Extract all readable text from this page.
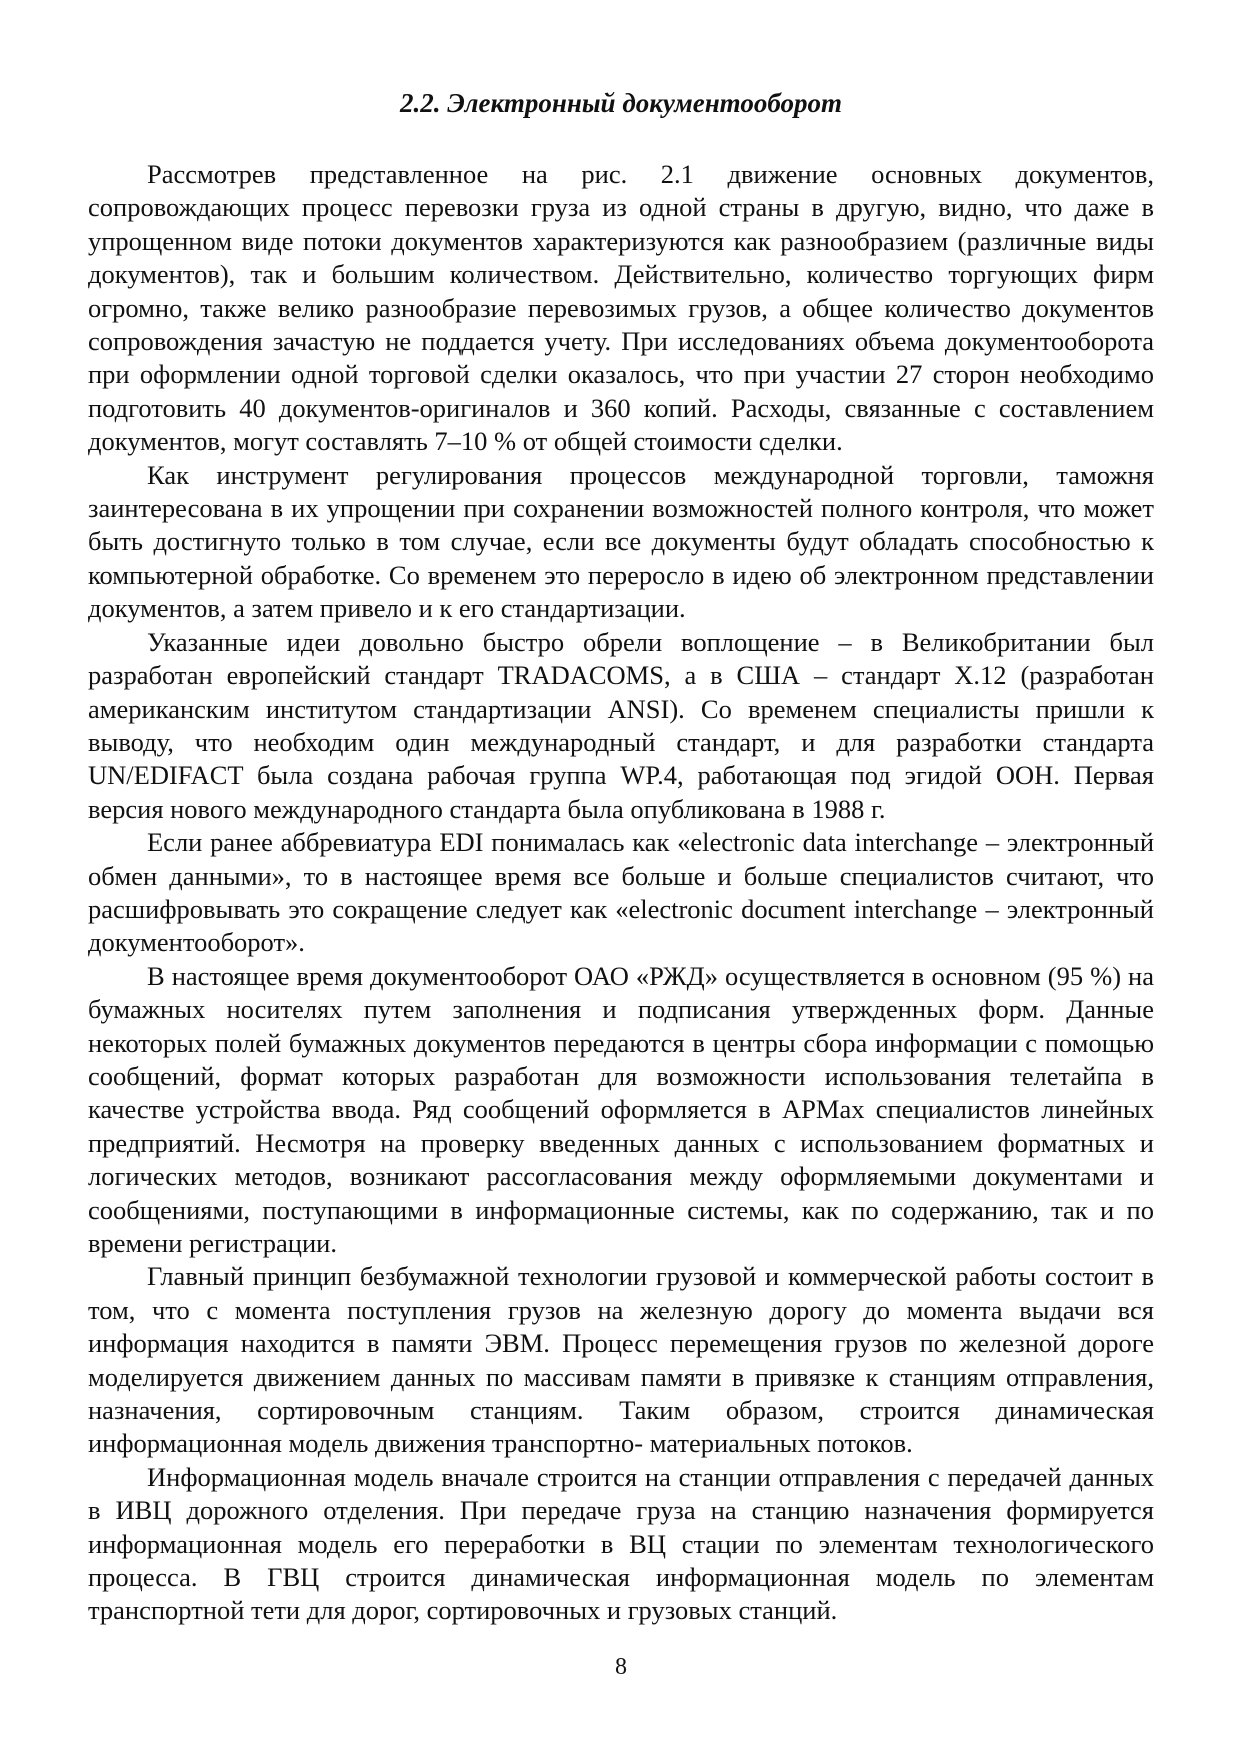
2.2. Электронный документооборот

Рассмотрев представленное на рис. 2.1 движение основных документов, сопровождающих процесс перевозки груза из одной страны в другую, видно, что даже в упрощенном виде потоки документов характеризуются как разнообразием (различные виды документов), так и большим количеством. Действительно, количество торгующих фирм огромно, также велико разнообразие перевозимых грузов, а общее количество документов сопровождения зачастую не поддается учету. При исследованиях объема документооборота при оформлении одной торговой сделки оказалось, что при участии 27 сторон необходимо подготовить 40 документов-оригиналов и 360 копий. Расходы, связанные с составлением документов, могут составлять 7–10 % от общей стоимости сделки.

Как инструмент регулирования процессов международной торговли, таможня заинтересована в их упрощении при сохранении возможностей полного контроля, что может быть достигнуто только в том случае, если все документы будут обладать способностью к компьютерной обработке. Со временем это переросло в идею об электронном представлении документов, а затем привело и к его стандартизации.

Указанные идеи довольно быстро обрели воплощение – в Великобритании был разработан европейский стандарт TRADACOMS, а в США – стандарт X.12 (разработан американским институтом стандартизации ANSI). Со временем специалисты пришли к выводу, что необходим один международный стандарт, и для разработки стандарта UN/EDIFACT была создана рабочая группа WP.4, работающая под эгидой ООН. Первая версия нового международного стандарта была опубликована в 1988 г.

Если ранее аббревиатура EDI понималась как «electronic data interchange – электронный обмен данными», то в настоящее время все больше и больше специалистов считают, что расшифровывать это сокращение следует как «electronic document interchange – электронный документооборот».

В настоящее время документооборот ОАО «РЖД» осуществляется в основном (95 %) на бумажных носителях путем заполнения и подписания утвержденных форм. Данные некоторых полей бумажных документов передаются в центры сбора информации с помощью сообщений, формат которых разработан для возможности использования телетайпа в качестве устройства ввода. Ряд сообщений оформляется в АРМах специалистов линейных предприятий. Несмотря на проверку введенных данных с использованием форматных и логических методов, возникают рассогласования между оформляемыми документами и сообщениями, поступающими в информационные системы, как по содержанию, так и по времени регистрации.

Главный принцип безбумажной технологии грузовой и коммерческой работы состоит в том, что с момента поступления грузов на железную дорогу до момента выдачи вся информация находится в памяти ЭВМ. Процесс перемещения грузов по железной дороге моделируется движением данных по массивам памяти в привязке к станциям отправления, назначения, сортировочным станциям. Таким образом, строится динамическая информационная модель движения транспортно- материальных потоков.

Информационная модель вначале строится на станции отправления с передачей данных в ИВЦ дорожного отделения. При передаче груза на станцию назначения формируется информационная модель его переработки в ВЦ стации по элементам технологического процесса. В ГВЦ строится динамическая информационная модель по элементам транспортной тети для дорог, сортировочных и грузовых станций.

8
